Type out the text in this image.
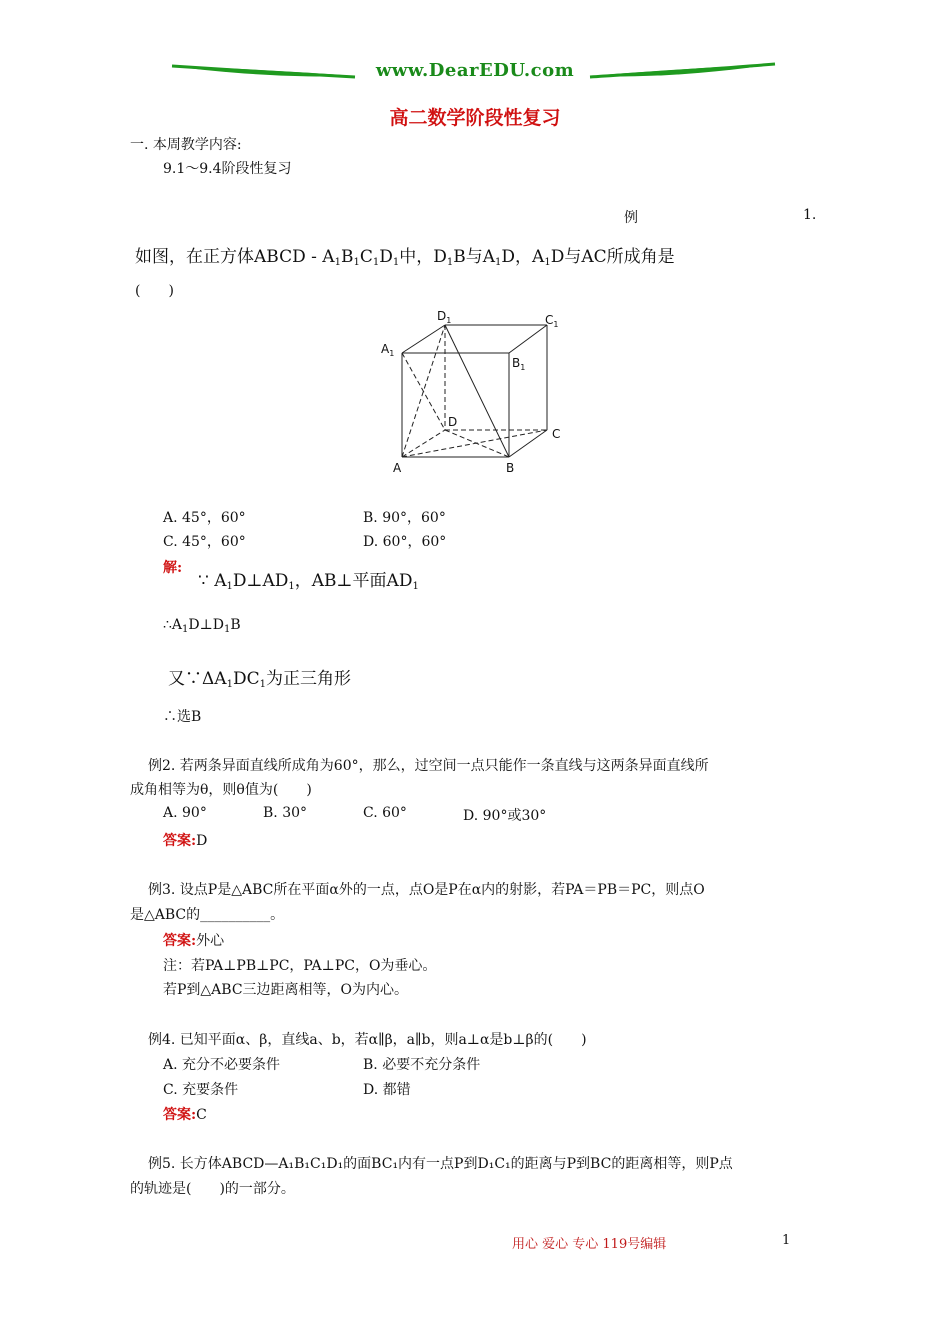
www.DearEDU.com
高二数学阶段性复习
一. 本周教学内容:
9.1～9.4阶段性复习
例	1.
如图，在正方体ABCD - $A_1B_1C_1D_1$中，$D_1B$与$A_1D$，$A_1D$与AC所成角是
(　　)
$D_1$	$C_1$
$A_1$
$B_1$
D
C
A	B
A. 45°，60°	B. 90°，60°
C. 45°，60°	D. 60°，60°
解:
∵ $A_1D\perp AD_1$，AB⊥平面$AD_1$
$\therefore A_1D\perp D_1B$
又$\because\Delta A_1DC_1$为正三角形
∴选B
例2. 若两条异面直线所成角为60°，那么，过空间一点只能作一条直线与这两条异面直线所
成角相等为θ，则θ值为(　　)
A. 90°	B. 30°	C. 60°	D. 90°或30°
答案:D
例3. 设点P是△ABC所在平面α外的一点，点O是P在α内的射影，若PA＝PB＝PC，则点O
是△ABC的__________。
答案:外心
注：若PA⊥PB⊥PC，PA⊥PC，O为垂心。
若P到△ABC三边距离相等，O为内心。
例4. 已知平面α、β，直线a、b，若α∥β，a∥b，则a⊥α是b⊥β的(　　)
A. 充分不必要条件	B. 必要不充分条件
C. 充要条件	D. 都错
答案:C
例5. 长方体ABCD—A₁B₁C₁D₁的面BC₁内有一点P到D₁C₁的距离与P到BC的距离相等，则P点
的轨迹是(　　)的一部分。
用心 爱心 专心 119号编辑	1
